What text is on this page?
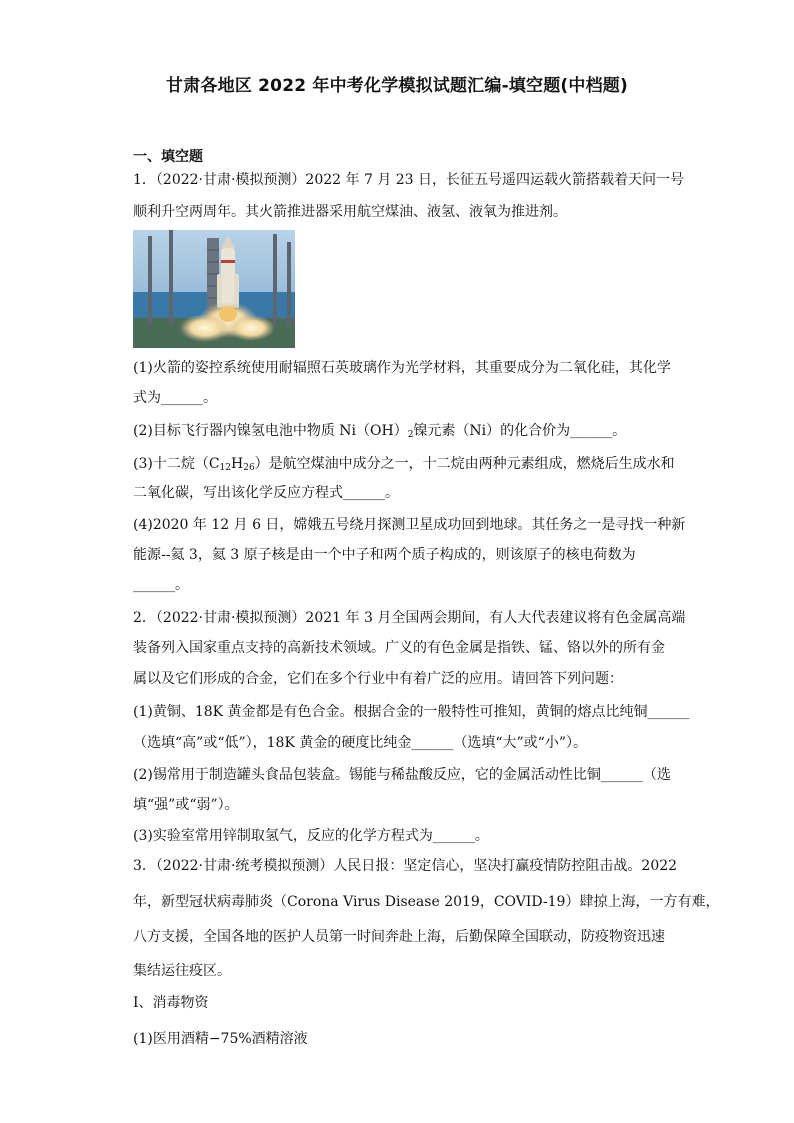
甘肃各地区 2022 年中考化学模拟试题汇编-填空题(中档题)
一、填空题
1．（2022·甘肃·模拟预测）2022 年 7 月 23 日，长征五号遥四运载火箭搭载着天问一号
顺利升空两周年。其火箭推进器采用航空煤油、液氢、液氧为推进剂。
(1)火箭的姿控系统使用耐辐照石英玻璃作为光学材料，其重要成分为二氧化硅，其化学
式为______。
(2)目标飞行器内镍氢电池中物质 $Ni(OH)_2$镍元素（Ni）的化合价为______。
(3)十二烷$(C_{12}H_{26})$是航空煤油中成分之一，十二烷由两种元素组成，燃烧后生成水和
二氧化碳，写出该化学反应方程式______。
(4)2020 年 12 月 6 日，嫦娥五号绕月探测卫星成功回到地球。其任务之一是寻找一种新
能源--氦 3，氦 3 原子核是由一个中子和两个质子构成的，则该原子的核电荷数为
______。
2．（2022·甘肃·模拟预测）2021 年 3 月全国两会期间，有人大代表建议将有色金属高端
装备列入国家重点支持的高新技术领域。广义的有色金属是指铁、锰、铬以外的所有金
属以及它们形成的合金，它们在多个行业中有着广泛的应用。请回答下列问题：
(1)黄铜、18K 黄金都是有色合金。根据合金的一般特性可推知，黄铜的熔点比纯铜______
（选填“高”或“低”），18K 黄金的硬度比纯金______（选填“大”或“小”）。
(2)锡常用于制造罐头食品包装盒。锡能与稀盐酸反应，它的金属活动性比铜______（选
填“强”或“弱”）。
(3)实验室常用锌制取氢气，反应的化学方程式为______。
3．（2022·甘肃·统考模拟预测）人民日报：坚定信心，坚决打赢疫情防控阻击战。2022
年，新型冠状病毒肺炎（Corona Virus Disease 2019，COVID-19）肆掠上海，一方有难，
八方支援，全国各地的医护人员第一时间奔赴上海，后勤保障全国联动，防疫物资迅速
集结运往疫区。
Ⅰ、消毒物资
(1)医用酒精−75%酒精溶液
